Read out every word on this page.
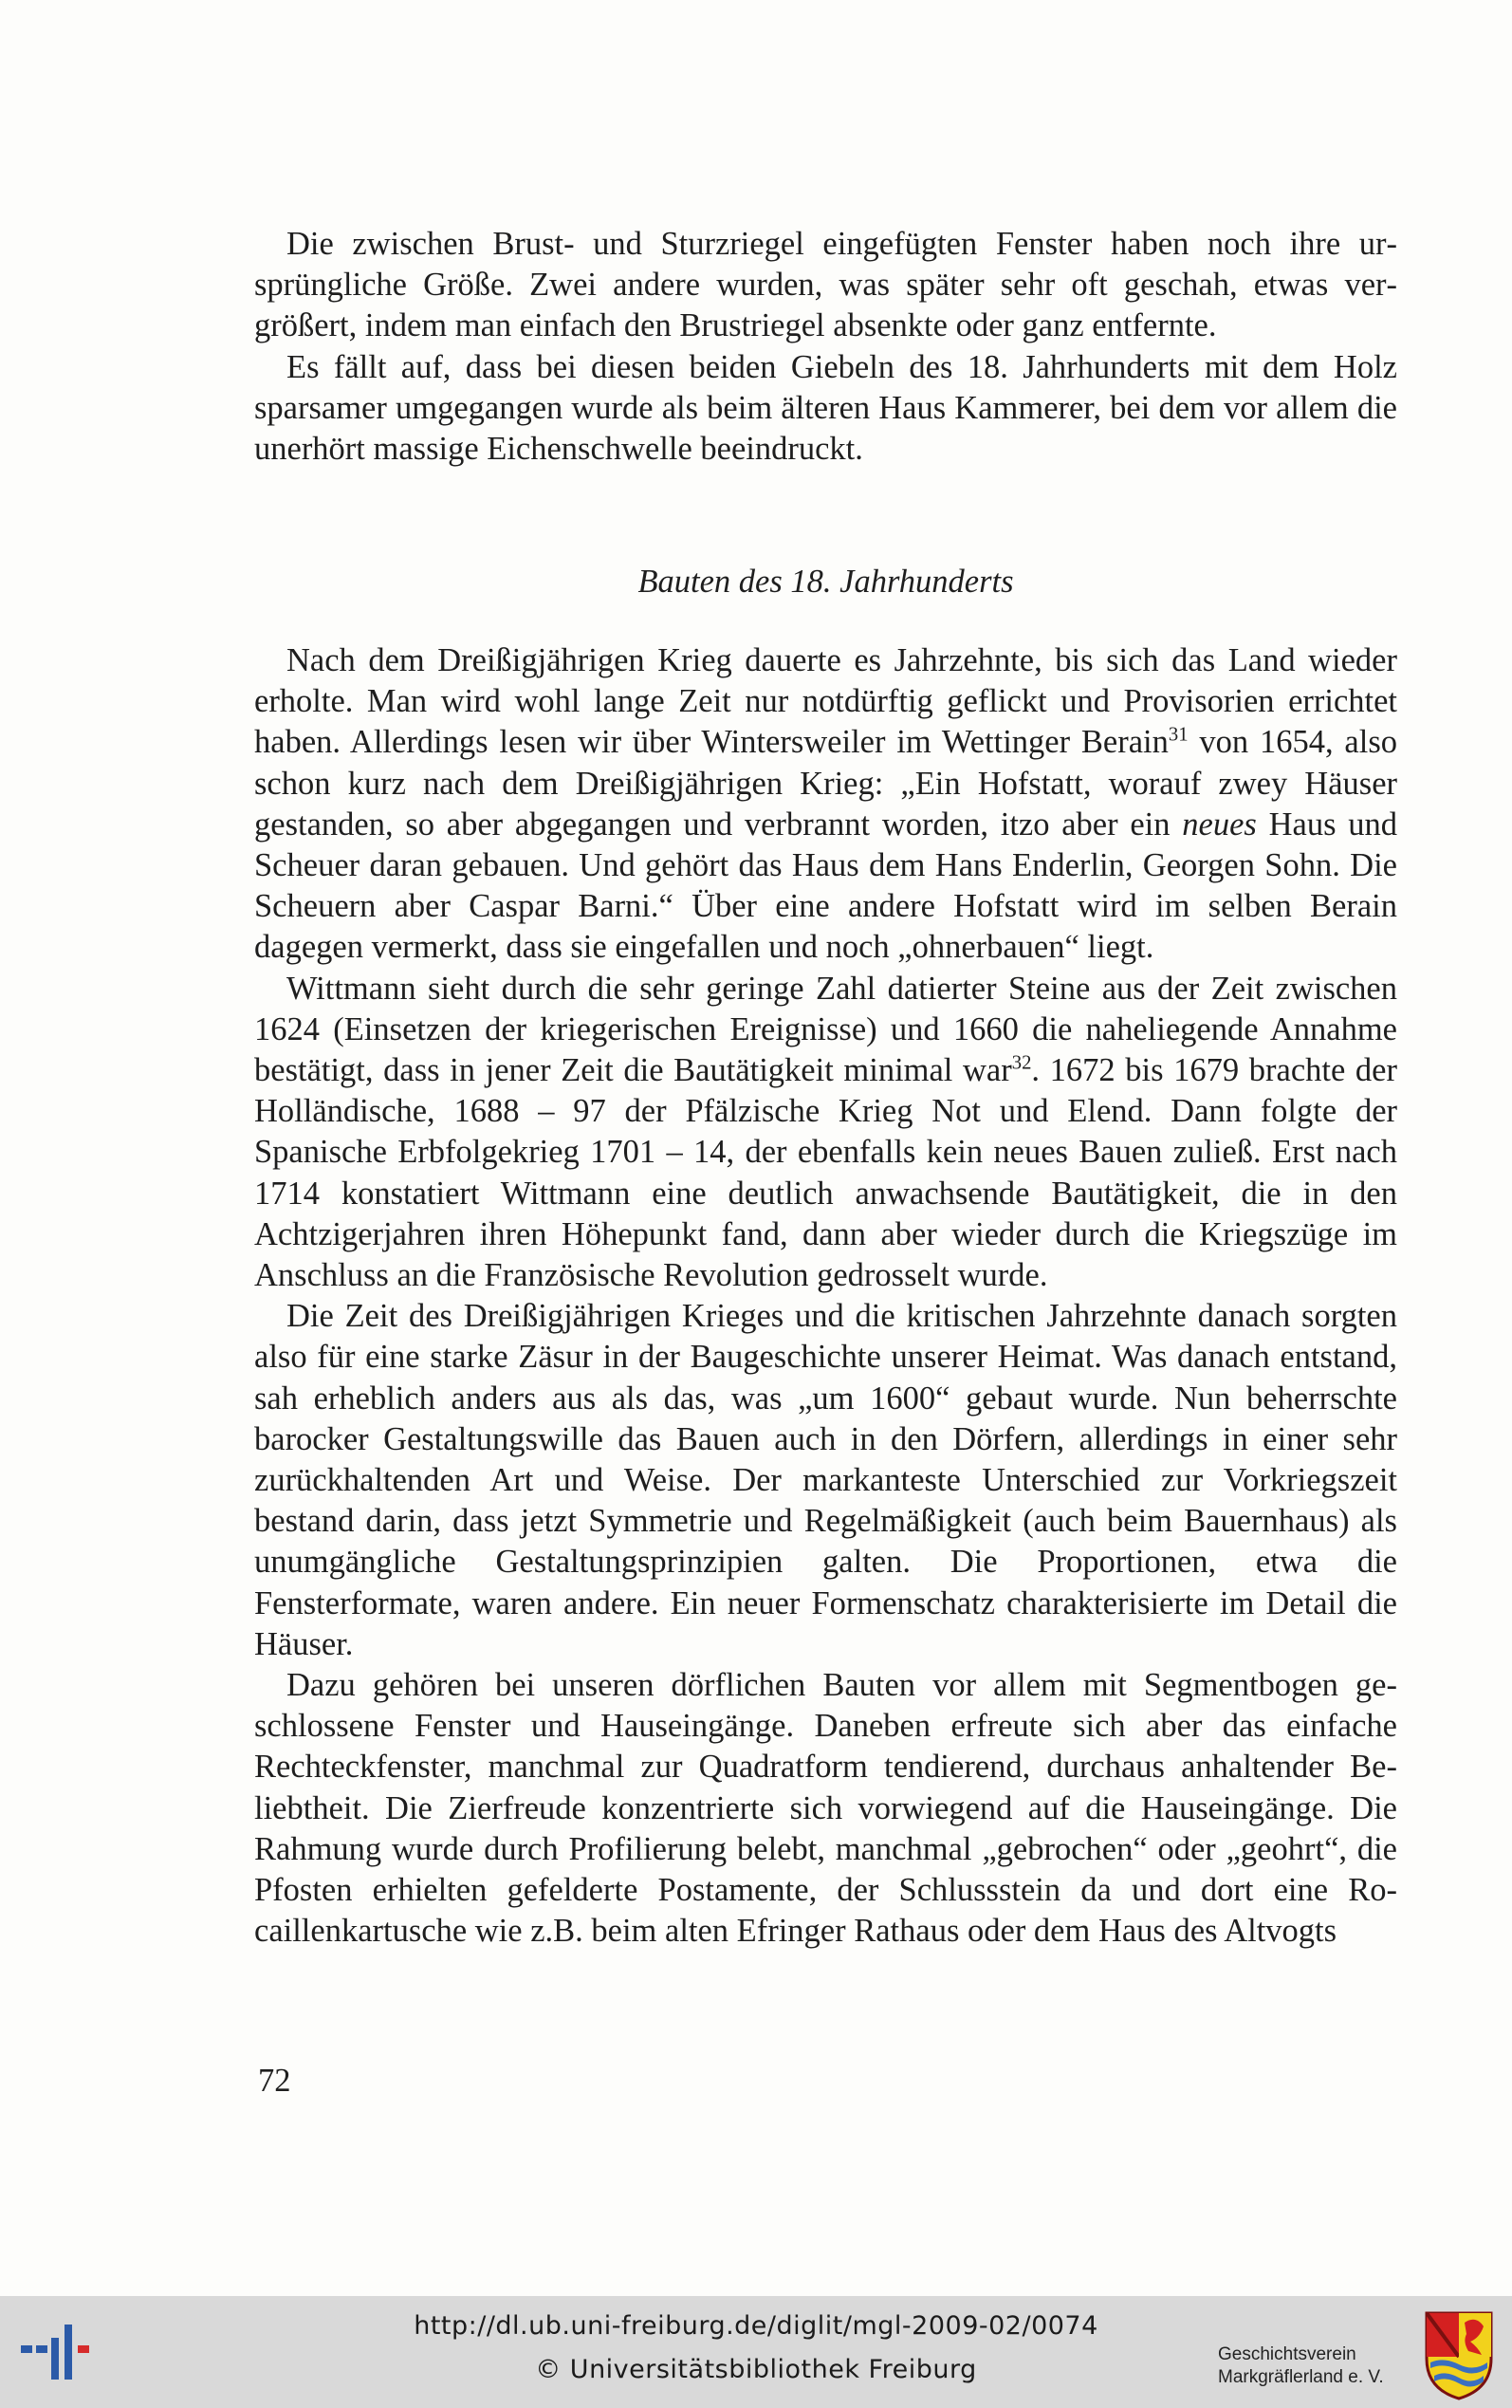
Die zwischen Brust- und Sturzriegel eingefügten Fenster haben noch ihre ursprüngliche Größe. Zwei andere wurden, was später sehr oft geschah, etwas vergrößert, indem man einfach den Brustriegel absenkte oder ganz entfernte.

Es fällt auf, dass bei diesen beiden Giebeln des 18. Jahrhunderts mit dem Holz sparsamer umgegangen wurde als beim älteren Haus Kammerer, bei dem vor allem die unerhört massige Eichenschwelle beeindruckt.

Bauten des 18. Jahrhunderts

Nach dem Dreißigjährigen Krieg dauerte es Jahrzehnte, bis sich das Land wieder erholte. Man wird wohl lange Zeit nur notdürftig geflickt und Provisorien errichtet haben. Allerdings lesen wir über Wintersweiler im Wettinger Berain$^{31}$ von 1654, also schon kurz nach dem Dreißigjährigen Krieg: „Ein Hofstatt, worauf zwey Häuser gestanden, so aber abgegangen und verbrannt worden, itzo aber ein neues Haus und Scheuer daran gebauen. Und gehört das Haus dem Hans Enderlin, Georgen Sohn. Die Scheuern aber Caspar Barni.“ Über eine andere Hofstatt wird im selben Berain dagegen vermerkt, dass sie eingefallen und noch „ohnerbauen“ liegt.

Wittmann sieht durch die sehr geringe Zahl datierter Steine aus der Zeit zwischen 1624 (Einsetzen der kriegerischen Ereignisse) und 1660 die naheliegende Annahme bestätigt, dass in jener Zeit die Bautätigkeit minimal war$^{32}$. 1672 bis 1679 brachte der Holländische, 1688 – 97 der Pfälzische Krieg Not und Elend. Dann folgte der Spanische Erbfolgekrieg 1701 – 14, der ebenfalls kein neues Bauen zuließ. Erst nach 1714 konstatiert Wittmann eine deutlich anwachsende Bautätigkeit, die in den Achtzigerjahren ihren Höhepunkt fand, dann aber wieder durch die Kriegszüge im Anschluss an die Französische Revolution gedrosselt wurde.

Die Zeit des Dreißigjährigen Krieges und die kritischen Jahrzehnte danach sorgten also für eine starke Zäsur in der Baugeschichte unserer Heimat. Was danach entstand, sah erheblich anders aus als das, was „um 1600“ gebaut wurde. Nun beherrschte barocker Gestaltungswille das Bauen auch in den Dörfern, allerdings in einer sehr zurückhaltenden Art und Weise. Der markanteste Unterschied zur Vorkriegszeit bestand darin, dass jetzt Symmetrie und Regelmäßigkeit (auch beim Bauernhaus) als unumgängliche Gestaltungsprinzipien galten. Die Proportionen, etwa die Fensterformate, waren andere. Ein neuer Formenschatz charakterisierte im Detail die Häuser.

Dazu gehören bei unseren dörflichen Bauten vor allem mit Segmentbogen geschlossene Fenster und Hauseingänge. Daneben erfreute sich aber das einfache Rechteckfenster, manchmal zur Quadratform tendierend, durchaus anhaltender Beliebtheit. Die Zierfreude konzentrierte sich vorwiegend auf die Hauseingänge. Die Rahmung wurde durch Profilierung belebt, manchmal „gebrochen“ oder „geohrt“, die Pfosten erhielten gefelderte Postamente, der Schlussstein da und dort eine Rocaillenkartusche wie z.B. beim alten Efringer Rathaus oder dem Haus des Altvogts

72
http://dl.ub.uni-freiburg.de/diglit/mgl-2009-02/0074
© Universitätsbibliothek Freiburg
Geschichtsverein
Markgräflerland e. V.
